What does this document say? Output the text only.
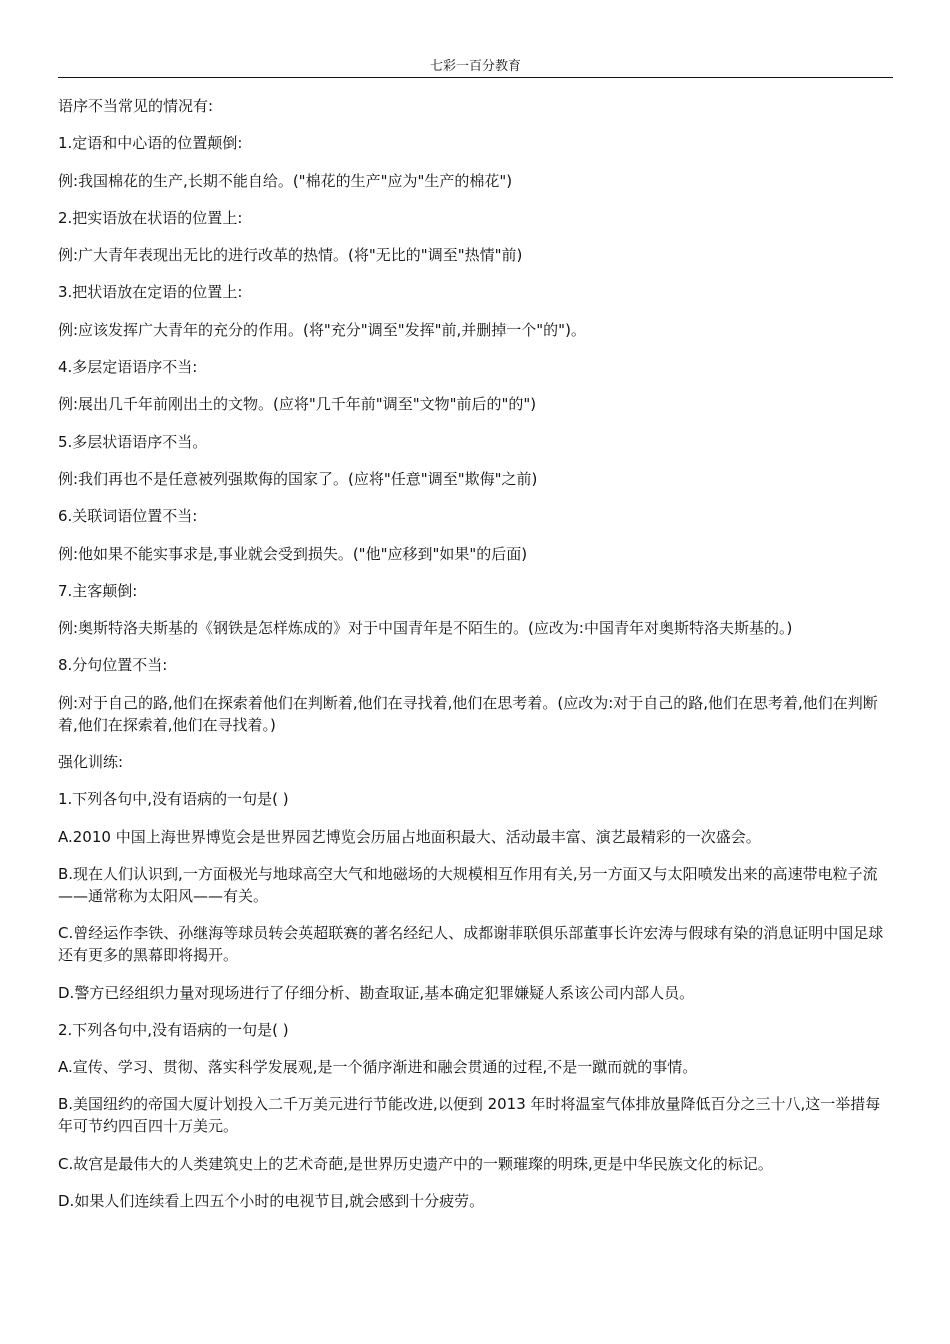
七彩一百分教育

语序不当常见的情况有:

1.定语和中心语的位置颠倒:

例:我国棉花的生产,长期不能自给。("棉花的生产"应为"生产的棉花")

2.把实语放在状语的位置上:

例:广大青年表现出无比的进行改革的热情。(将"无比的"调至"热情"前)

3.把状语放在定语的位置上:

例:应该发挥广大青年的充分的作用。(将"充分"调至"发挥"前,并删掉一个"的")。

4.多层定语语序不当:

例:展出几千年前刚出土的文物。(应将"几千年前"调至"文物"前后的"的")

5.多层状语语序不当。

例:我们再也不是任意被列强欺侮的国家了。(应将"任意"调至"欺侮"之前)

6.关联词语位置不当:

例:他如果不能实事求是,事业就会受到损失。("他"应移到"如果"的后面)

7.主客颠倒:

例:奥斯特洛夫斯基的《钢铁是怎样炼成的》对于中国青年是不陌生的。(应改为:中国青年对奥斯特洛夫斯基的。)

8.分句位置不当:

例:对于自己的路,他们在探索着他们在判断着,他们在寻找着,他们在思考着。(应改为:对于自己的路,他们在思考着,他们在判断着,他们在探索着,他们在寻找着。)

强化训练:

1.下列各句中,没有语病的一句是( )

A.2010 中国上海世界博览会是世界园艺博览会历届占地面积最大、活动最丰富、演艺最精彩的一次盛会。

B.现在人们认识到,一方面极光与地球高空大气和地磁场的大规模相互作用有关,另一方面又与太阳喷发出来的高速带电粒子流——通常称为太阳风——有关。

C.曾经运作李铁、孙继海等球员转会英超联赛的著名经纪人、成都谢菲联俱乐部董事长许宏涛与假球有染的消息证明中国足球还有更多的黑幕即将揭开。

D.警方已经组织力量对现场进行了仔细分析、勘查取证,基本确定犯罪嫌疑人系该公司内部人员。

2.下列各句中,没有语病的一句是( )

A.宣传、学习、贯彻、落实科学发展观,是一个循序渐进和融会贯通的过程,不是一蹴而就的事情。

B.美国纽约的帝国大厦计划投入二千万美元进行节能改进,以便到 2013 年时将温室气体排放量降低百分之三十八,这一举措每年可节约四百四十万美元。

C.故宫是最伟大的人类建筑史上的艺术奇葩,是世界历史遗产中的一颗璀璨的明珠,更是中华民族文化的标记。

D.如果人们连续看上四五个小时的电视节目,就会感到十分疲劳。
